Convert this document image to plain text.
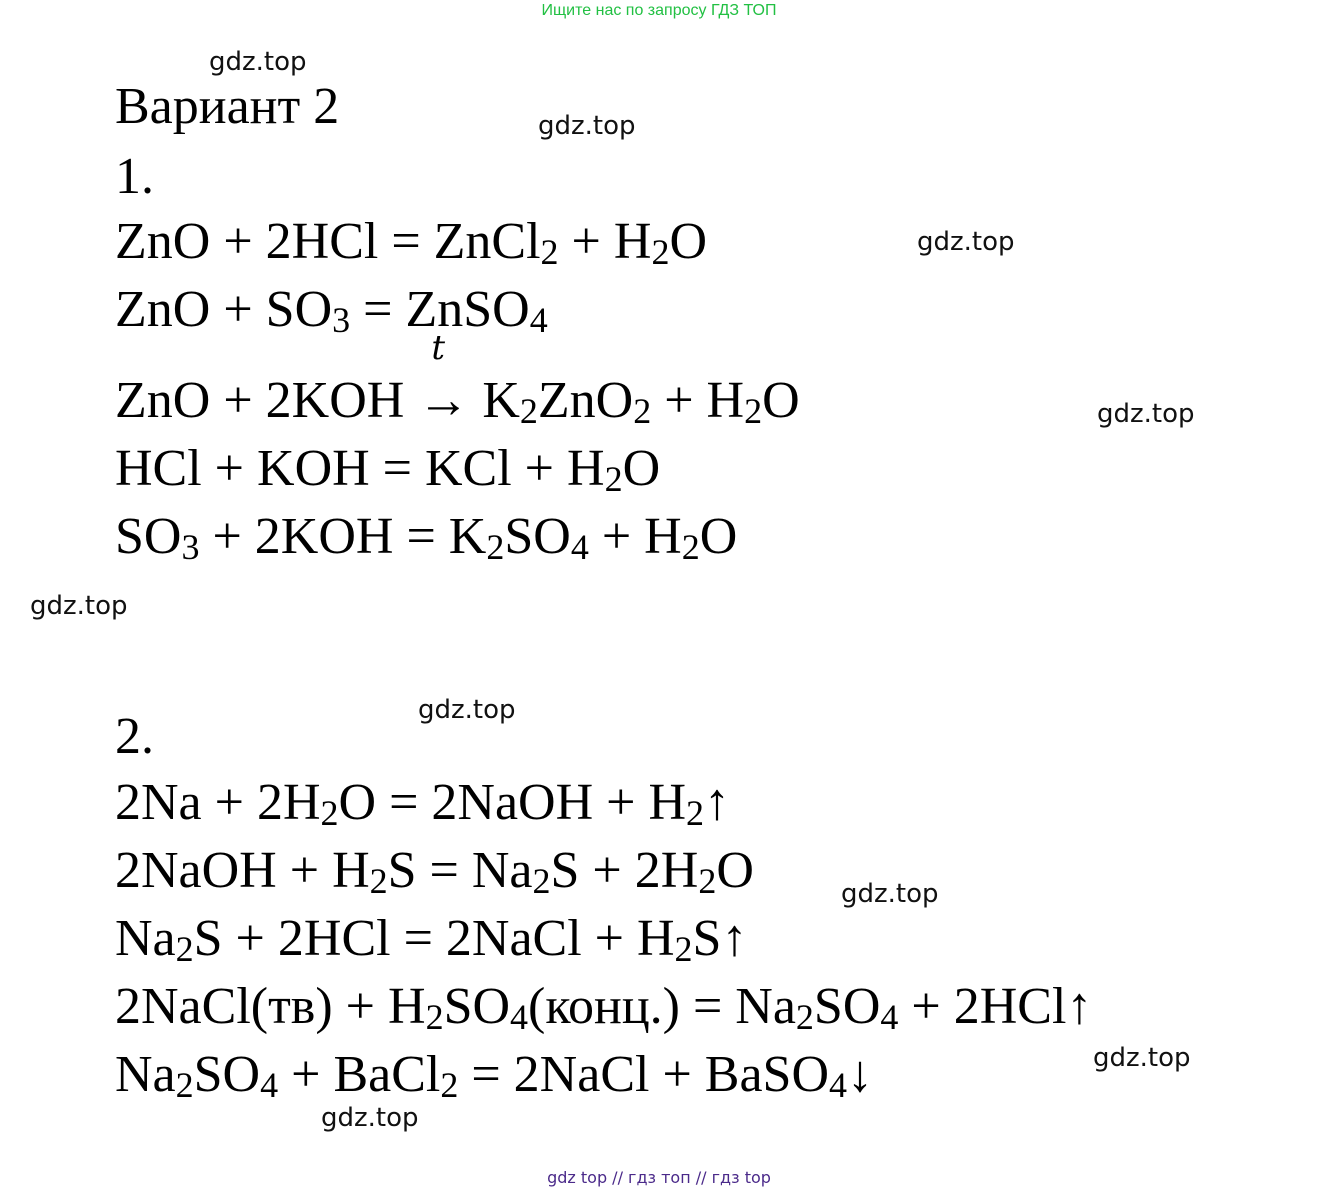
Ищите нас по запросу ГДЗ ТОП
gdz.top
gdz.top
gdz.top
gdz.top
gdz.top
gdz.top
gdz.top
gdz.top
gdz.top
Вариант 2
1.
ZnO + 2HCl = ZnCl2 + H2O
ZnO + SO3 = ZnSO4
ZnO + 2KOH
t
→ K2ZnO2 + H2O
HCl + KOH = KCl + H2O
SO3 + 2KOH = K2SO4 + H2O
2.
2Na + 2H2O = 2NaOH + H2↑
2NaOH + H2S = Na2S + 2H2O
Na2S + 2HCl = 2NaCl + H2S↑
2NaCl(тв) + H2SO4(конц.) = Na2SO4 + 2HCl↑
Na2SO4 + BaCl2 = 2NaCl + BaSO4↓
gdz top // гдз топ // гдз top
